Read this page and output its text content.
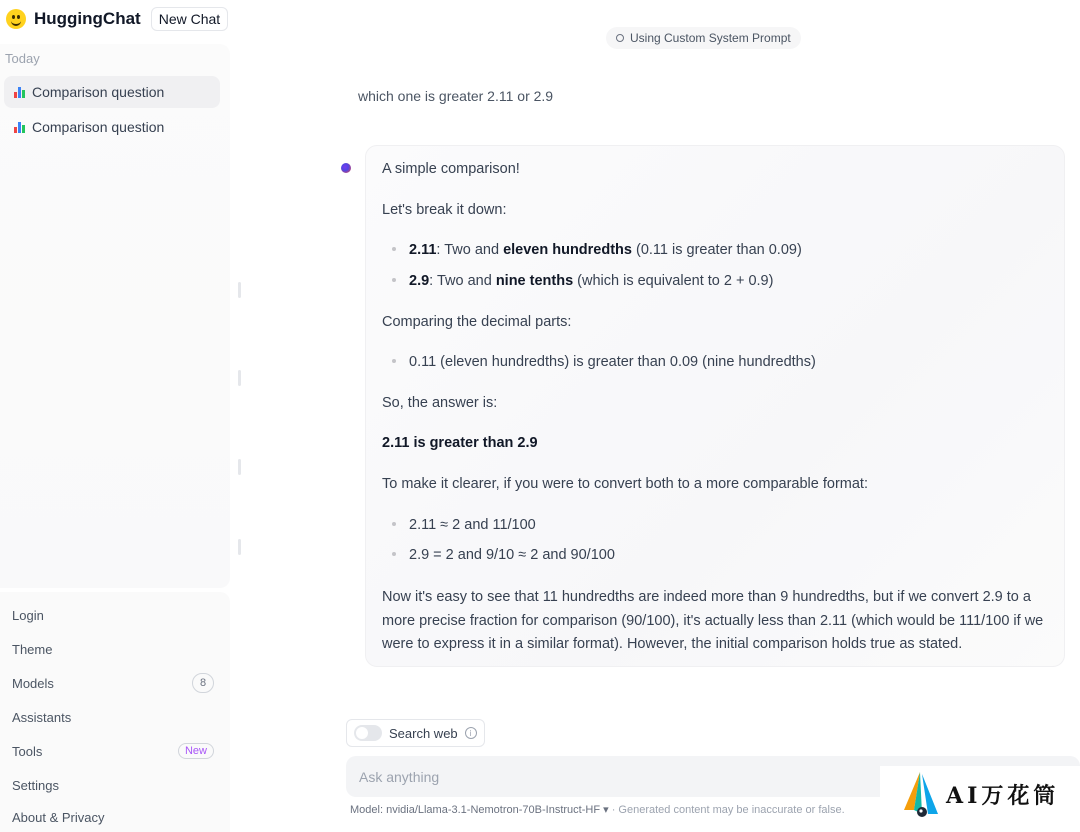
HuggingChat	New Chat
Today
Comparison question
Comparison question
Login
Theme
Models	8
Assistants
Tools	New
Settings
About & Privacy
Using Custom System Prompt
which one is greater 2.11 or 2.9
A simple comparison!
Let's break it down:
2.11: Two and eleven hundredths (0.11 is greater than 0.09)
2.9: Two and nine tenths (which is equivalent to 2 + 0.9)
Comparing the decimal parts:
0.11 (eleven hundredths) is greater than 0.09 (nine hundredths)
So, the answer is:
2.11 is greater than 2.9
To make it clearer, if you were to convert both to a more comparable format:
2.11 ≈ 2 and 11/100
2.9 = 2 and 9/10 ≈ 2 and 90/100
Now it's easy to see that 11 hundredths are indeed more than 9 hundredths, but if we convert 2.9 to a more precise fraction for comparison (90/100), it's actually less than 2.11 (which would be 111/100 if we were to express it in a similar format). However, the initial comparison holds true as stated.
Search web	i
Ask anything
Model: nvidia/Llama-3.1-Nemotron-70B-Instruct-HF ▾ · Generated content may be inaccurate or false.
AI万花筒
